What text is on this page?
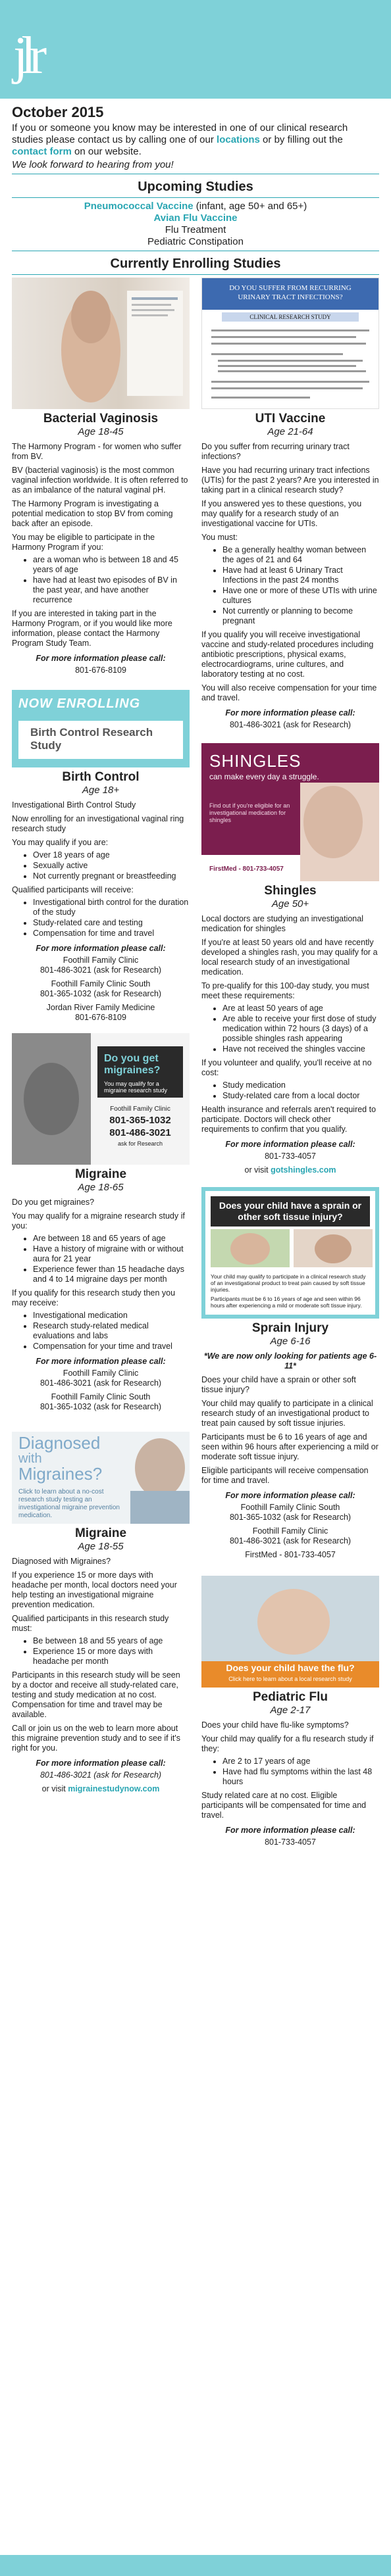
jlr
October 2015

If you or someone you know may be interested in one of our clinical research studies please contact us by calling one of our locations or by filling out the contact form on our website.

We look forward to hearing from you!

Upcoming Studies
Pneumococcal Vaccine (infant, age 50+ and 65+)
Avian Flu Vaccine
Flu Treatment
Pediatric Constipation
Currently Enrolling Studies
Bacterial Vaginosis
Age 18-45

The Harmony Program - for women who suffer from BV.

BV (bacterial vaginosis) is the most common vaginal infection worldwide. It is often referred to as an imbalance of the natural vaginal pH.

The Harmony Program is investigating a potential medication to stop BV from coming back after an episode.

You may be eligible to participate in the Harmony Program if you:

• are a woman who is between 18 and 45 years of age
• have had at least two episodes of BV in the past year, and have another recurrence

If you are interested in taking part in the Harmony Program, or if you would like more information, please contact the Harmony Program Study Team.

For more information please call:
801-676-8109
NOW ENROLLING
Birth Control Research Study
Birth Control
Age 18+

Investigational Birth Control Study

Now enrolling for an investigational vaginal ring research study

You may qualify if you are:

• Over 18 years of age
• Sexually active
• Not currently pregnant or breastfeeding

Qualified participants will receive:

• Investigational birth control for the duration of the study
• Study-related care and testing
• Compensation for time and travel
For more information please call:
Foothill Family Clinic
801-486-3021 (ask for Research)
Foothill Family Clinic South
801-365-1032 (ask for Research)
Jordan River Family Medicine
801-676-8109
Do you get migraines?
You may qualify for a migraine research study
Foothill Family Clinic
801-365-1032
801-486-3021
ask for Research
Migraine
Age 18-65

Do you get migraines?

You may qualify for a migraine research study if you:

• Are between 18 and 65 years of age
• Have a history of migraine with or without aura for 21 year
• Experience fewer than 15 headache days and 4 to 14 migraine days per month

If you qualify for this research study then you may receive:

• Investigational medication
• Research study-related medical evaluations and labs
• Compensation for your time and travel
For more information please call:
Foothill Family Clinic
801-486-3021 (ask for Research)
Foothill Family Clinic South
801-365-1032 (ask for Research)
Diagnosed
with
Migraines?
Click to learn about a no-cost research study testing an investigational migraine prevention medication.
Migraine
Age 18-55

Diagnosed with Migraines?

If you experience 15 or more days with headache per month, local doctors need your help testing an investigational migraine prevention medication.

Qualified participants in this research study must:

• Be between 18 and 55 years of age
• Experience 15 or more days with headache per month

Participants in this research study will be seen by a doctor and receive all study-related care, testing and study medication at no cost. Compensation for time and travel may be available.

Call or join us on the web to learn more about this migraine prevention study and to see if it's right for you.

For more information please call:
801-486-3021 (ask for Research)
or visit migrainestudynow.com
DO YOU SUFFER FROM RECURRING
URINARY TRACT INFECTIONS?
CLINICAL RESEARCH STUDY
UTI Vaccine
Age 21-64

Do you suffer from recurring urinary tract infections?

Have you had recurring urinary tract infections (UTIs) for the past 2 years? Are you interested in taking part in a clinical research study?

If you answered yes to these questions, you may qualify for a research study of an investigational vaccine for UTIs.

You must:

• Be a generally healthy woman between the ages of 21 and 64
• Have had at least 6 Urinary Tract Infections in the past 24 months
• Have one or more of these UTIs with urine cultures
• Not currently or planning to become pregnant

If you qualify you will receive investigational vaccine and study-related procedures including antibiotic prescriptions, physical exams, electrocardiograms, urine cultures, and laboratory testing at no cost.

You will also receive compensation for your time and travel.

For more information please call:
801-486-3021 (ask for Research)
SHINGLES
can make every day a struggle.
Find out if you're eligible for an investigational medication for shingles
FirstMed - 801-733-4057
Shingles
Age 50+

Local doctors are studying an investigational medication for shingles

If you're at least 50 years old and have recently developed a shingles rash, you may qualify for a local research study of an investigational medication.

To pre-qualify for this 100-day study, you must meet these requirements:

• Are at least 50 years of age
• Are able to receive your first dose of study medication within 72 hours (3 days) of a possible shingles rash appearing
• Have not received the shingles vaccine

If you volunteer and qualify, you'll receive at no cost:

• Study medication
• Study-related care from a local doctor

Health insurance and referrals aren't required to participate. Doctors will check other requirements to confirm that you qualify.

For more information please call:
801-733-4057
or visit gotshingles.com
Does your child have a sprain or other soft tissue injury?
Your child may qualify to participate in a clinical research study of an investigational product to treat pain caused by soft tissue injuries.
Participants must be 6 to 16 years of age and seen within 96 hours after experiencing a mild or moderate soft tissue injury.
Sprain Injury
Age 6-16

*We are now only looking for patients age 6-11*

Does your child have a sprain or other soft tissue injury?

Your child may qualify to participate in a clinical research study of an investigational product to treat pain caused by soft tissue injuries.

Participants must be 6 to 16 years of age and seen within 96 hours after experiencing a mild or moderate soft tissue injury.

Eligible participants will receive compensation for time and travel.

For more information please call:
Foothill Family Clinic South
801-365-1032 (ask for Research)
Foothill Family Clinic
801-486-3021 (ask for Research)
FirstMed - 801-733-4057
Does your child have the flu?
Click here to learn about a local research study
Pediatric Flu
Age 2-17

Does your child have flu-like symptoms?

Your child may qualify for a flu research study if they:

• Are 2 to 17 years of age
• Have had flu symptoms within the last 48 hours

Study related care at no cost. Eligible participants will be compensated for time and travel.

For more information please call:
801-733-4057
